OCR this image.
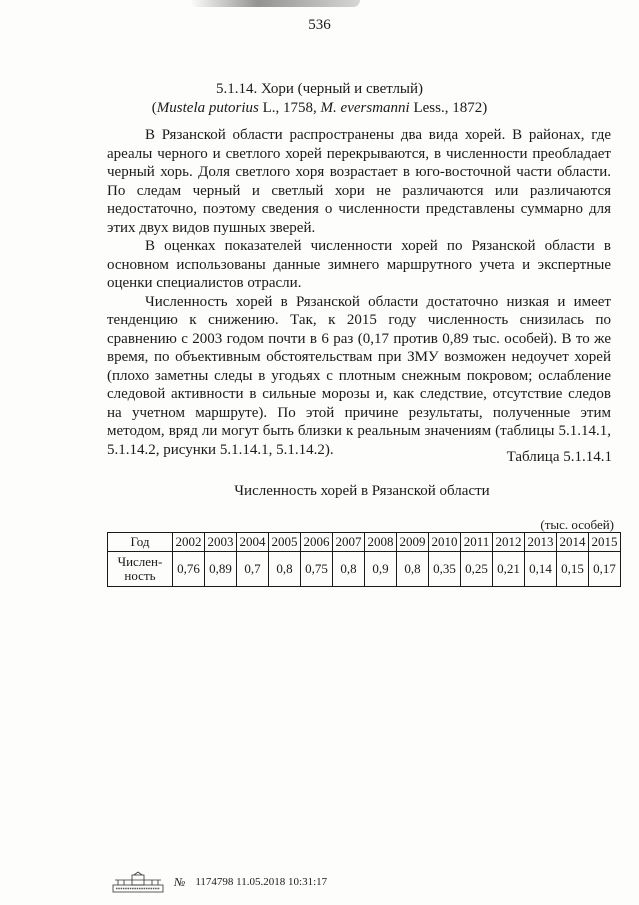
536
5.1.14. Хори (черный и светлый)
(Mustela putorius L., 1758, M. eversmanni Less., 1872)

В Рязанской области распространены два вида хорей. В районах, где ареалы черного и светлого хорей перекрываются, в численности преобладает черный хорь. Доля светлого хоря возрастает в юго-восточной части области. По следам черный и светлый хори не различаются или различаются недостаточно, поэтому сведения о численности представлены суммарно для этих двух видов пушных зверей.

В оценках показателей численности хорей по Рязанской области в основном использованы данные зимнего маршрутного учета и экспертные оценки специалистов отрасли.

Численность хорей в Рязанской области достаточно низкая и имеет тенденцию к снижению. Так, к 2015 году численность снизилась по сравнению с 2003 годом почти в 6 раз (0,17 против 0,89 тыс. особей). В то же время, по объективным обстоятельствам при ЗМУ возможен недоучет хорей (плохо заметны следы в угодьях с плотным снежным покровом; ослабление следовой активности в сильные морозы и, как следствие, отсутствие следов на учетном маршруте). По этой причине результаты, полученные этим методом, вряд ли могут быть близки к реальным значениям (таблицы 5.1.14.1, 5.1.14.2, рисунки 5.1.14.1, 5.1.14.2).	Таблица 5.1.14.1
Численность хорей в Рязанской области
(тыс. особей)
Год	2002	2003	2004	2005	2006	2007	2008	2009	2010	2011	2012	2013	2014	2015
Числен-
ность	0,76	0,89	0,7	0,8	0,75	0,8	0,9	0,8	0,35	0,25	0,21	0,14	0,15	0,17
№ 1174798 11.05.2018 10:31:17
